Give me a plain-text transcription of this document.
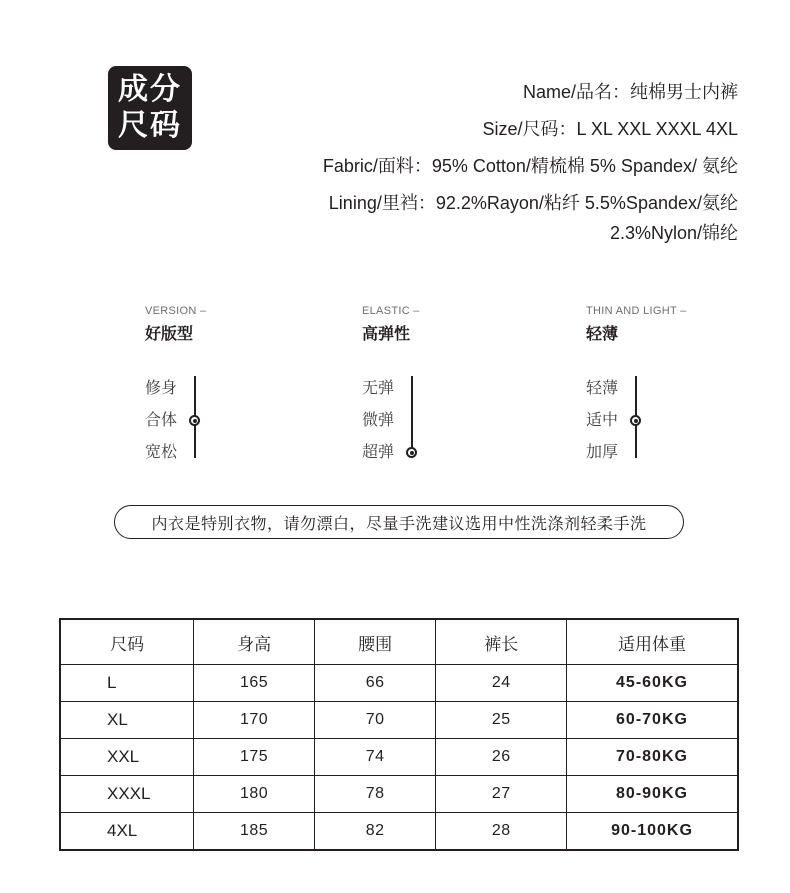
成分
尺码
Name/品名：纯棉男士内裤
Size/尺码：L XL XXL XXXL 4XL
Fabric/面料：95% Cotton/精梳棉 5% Spandex/ 氨纶
Lining/里裆：92.2%Rayon/粘纤 5.5%Spandex/氨纶
2.3%Nylon/锦纶
VERSION –
好版型
修身
合体
宽松
ELASTIC –
高弹性
无弹
微弹
超弹
THIN AND LIGHT –
轻薄
轻薄
适中
加厚
内衣是特别衣物，请勿漂白，尽量手洗建议选用中性洗涤剂轻柔手洗
尺码	身高	腰围	裤长	适用体重
L	165	66	24	45-60KG
XL	170	70	25	60-70KG
XXL	175	74	26	70-80KG
XXXL	180	78	27	80-90KG
4XL	185	82	28	90-100KG
